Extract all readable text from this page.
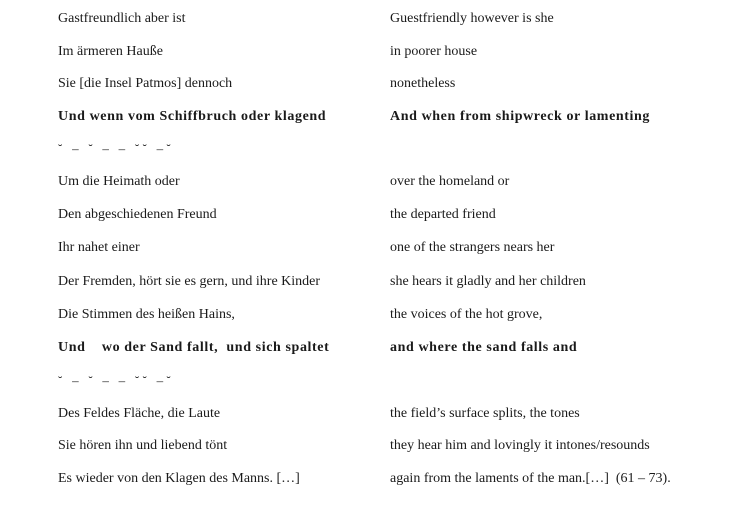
Gastfreundlich aber ist	Guestfriendly however is she
Im ärmeren Hauße	in poorer house
Sie [die Insel Patmos] dennoch	nonetheless
Und wenn vom Schiffbruch oder klagend	And when from shipwreck or lamenting
˘   –   ˘   –   –   ˘ ˘   – ˘
Um die Heimath oder	over the homeland or
Den abgeschiedenen Freund	the departed friend
Ihr nahet einer	one of the strangers nears her
Der Fremden, hört sie es gern, und ihre Kinder	she hears it gladly and her children
Die Stimmen des heißen Hains,	the voices of the hot grove,
Und    wo der Sand fallt,  und sich spaltet	and where the sand falls and
˘   –   ˘   –   –   ˘ ˘   – ˘
Des Feldes Fläche, die Laute	the field’s surface splits, the tones
Sie hören ihn und liebend tönt	they hear him and lovingly it intones/resounds
Es wieder von den Klagen des Manns. […]	again from the laments of the man.[…]  (61 – 73).
